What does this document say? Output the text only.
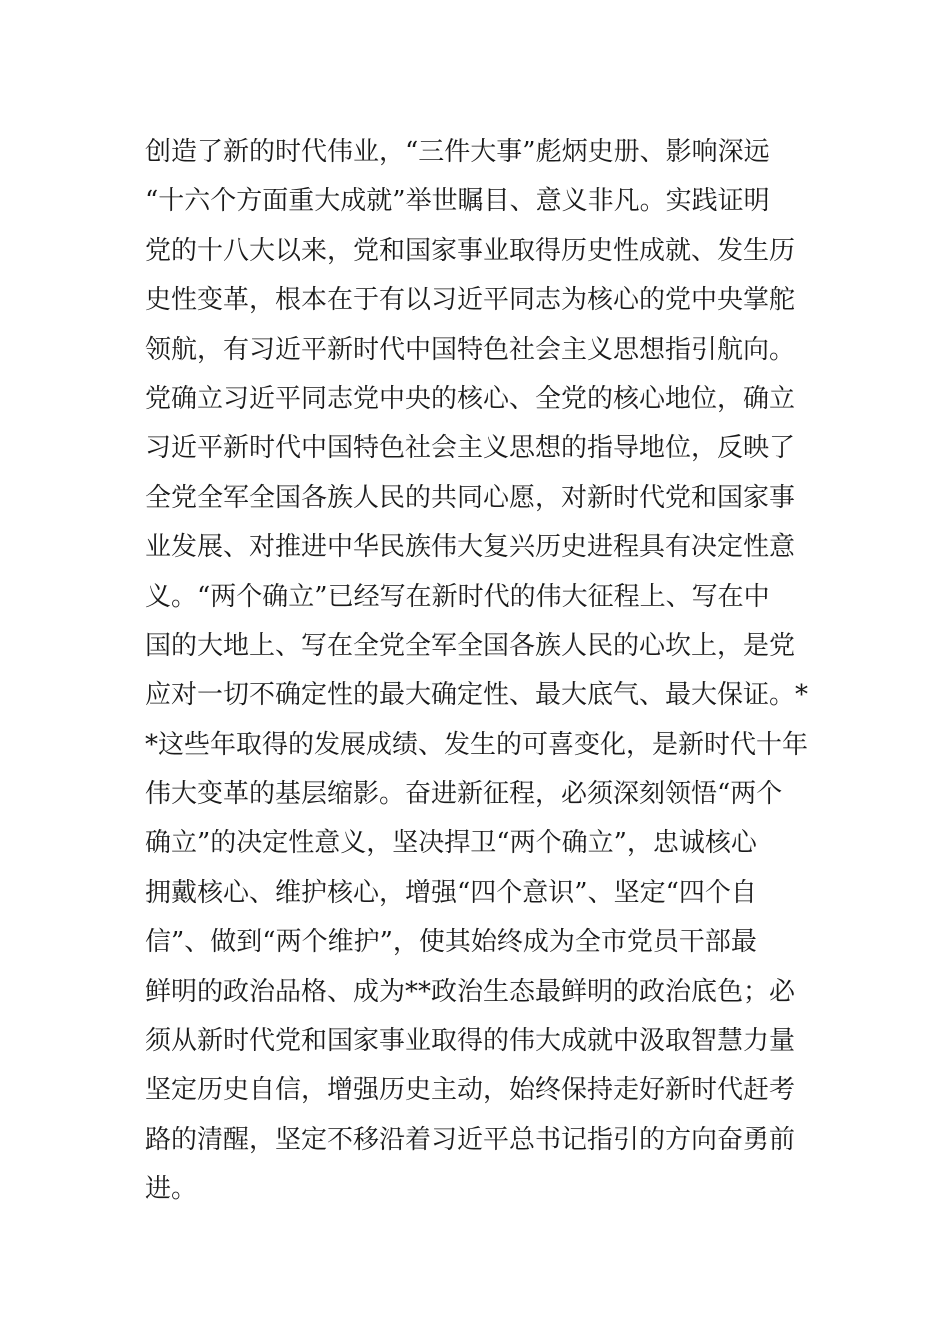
创造了新的时代伟业，“三件大事”彪炳史册、影响深远
“十六个方面重大成就”举世瞩目、意义非凡。实践证明
党的十八大以来，党和国家事业取得历史性成就、发生历
史性变革，根本在于有以习近平同志为核心的党中央掌舵
领航，有习近平新时代中国特色社会主义思想指引航向。
党确立习近平同志党中央的核心、全党的核心地位，确立
习近平新时代中国特色社会主义思想的指导地位，反映了
全党全军全国各族人民的共同心愿，对新时代党和国家事
业发展、对推进中华民族伟大复兴历史进程具有决定性意
义。“两个确立”已经写在新时代的伟大征程上、写在中
国的大地上、写在全党全军全国各族人民的心坎上，是党
应对一切不确定性的最大确定性、最大底气、最大保证。*
*这些年取得的发展成绩、发生的可喜变化，是新时代十年
伟大变革的基层缩影。奋进新征程，必须深刻领悟“两个
确立”的决定性意义，坚决捍卫“两个确立”，忠诚核心
拥戴核心、维护核心，增强“四个意识”、坚定“四个自
信”、做到“两个维护”，使其始终成为全市党员干部最
鲜明的政治品格、成为**政治生态最鲜明的政治底色；必
须从新时代党和国家事业取得的伟大成就中汲取智慧力量
坚定历史自信，增强历史主动，始终保持走好新时代赶考
路的清醒，坚定不移沿着习近平总书记指引的方向奋勇前
进。
